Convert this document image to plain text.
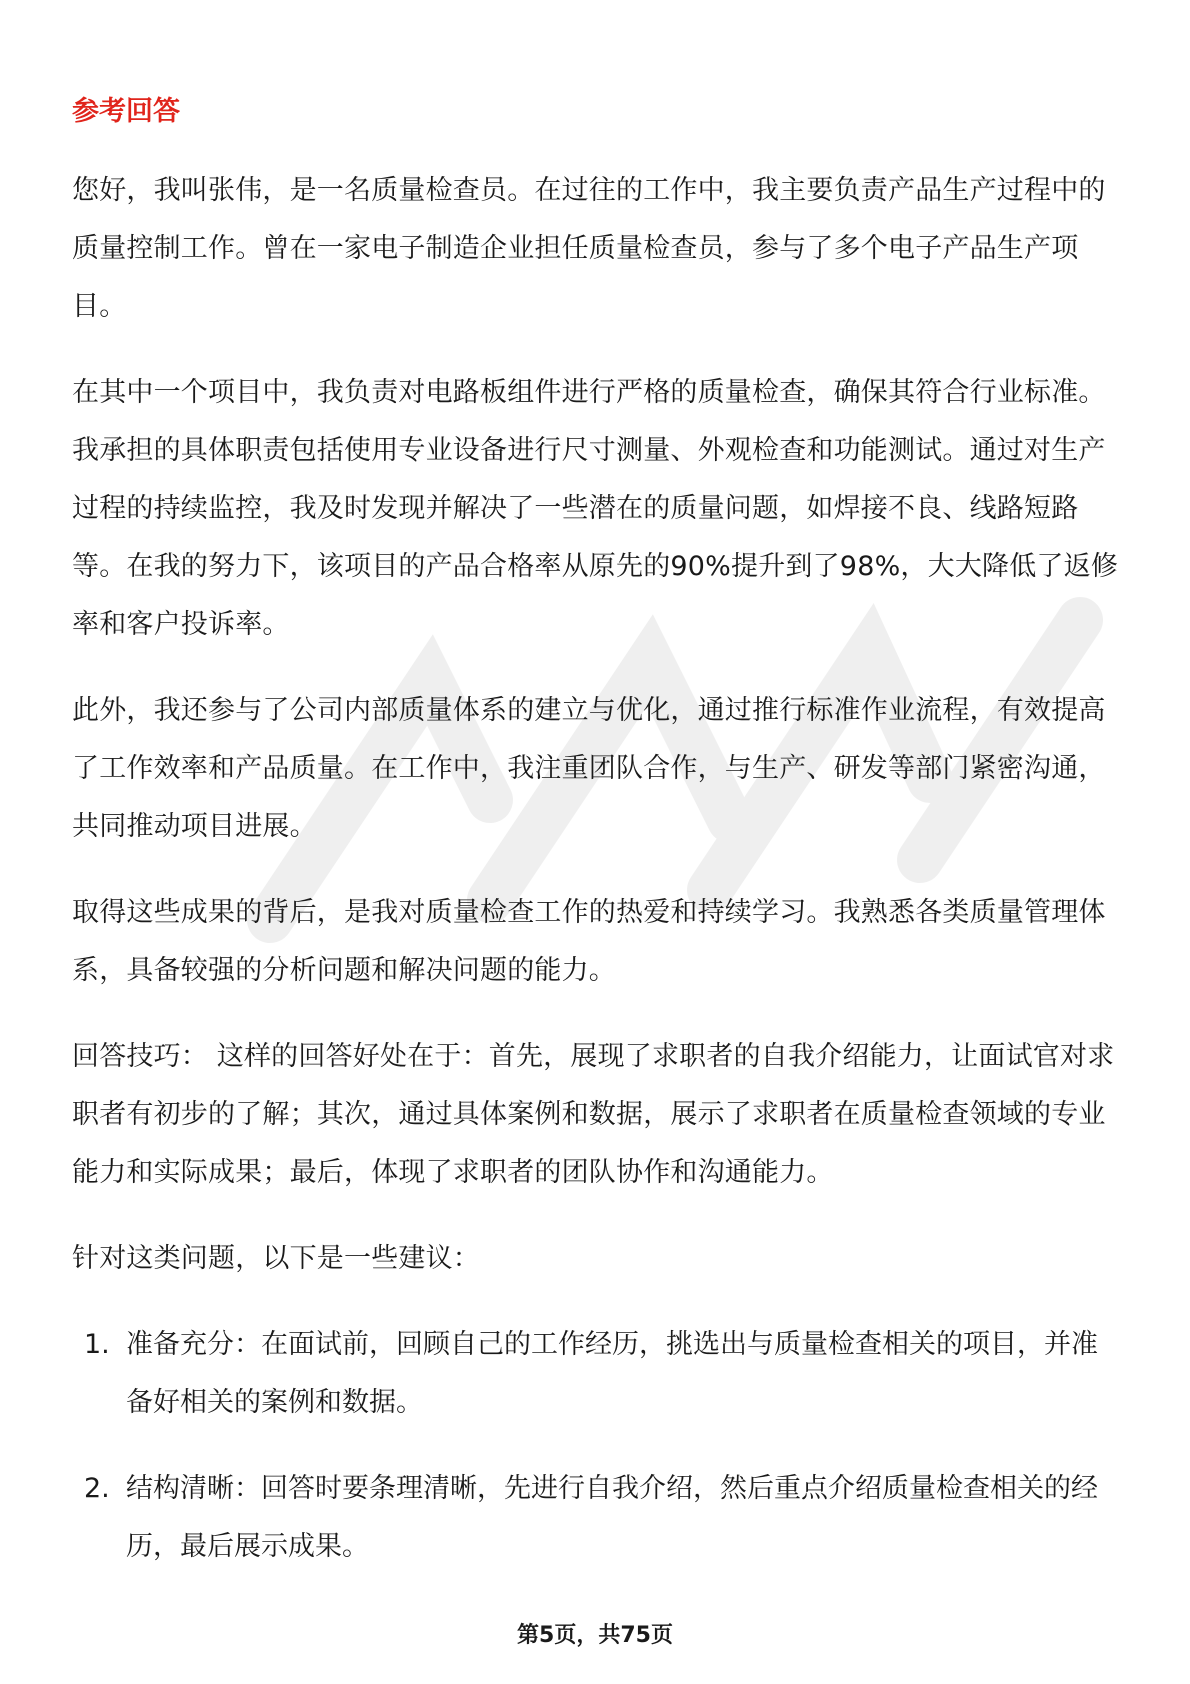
参考回答

您好，我叫张伟，是一名质量检查员。在过往的工作中，我主要负责产品生产过程中的质量控制工作。曾在一家电子制造企业担任质量检查员，参与了多个电子产品生产项目。

在其中一个项目中，我负责对电路板组件进行严格的质量检查，确保其符合行业标准。我承担的具体职责包括使用专业设备进行尺寸测量、外观检查和功能测试。通过对生产过程的持续监控，我及时发现并解决了一些潜在的质量问题，如焊接不良、线路短路等。在我的努力下，该项目的产品合格率从原先的90%提升到了98%，大大降低了返修率和客户投诉率。

此外，我还参与了公司内部质量体系的建立与优化，通过推行标准作业流程，有效提高了工作效率和产品质量。在工作中，我注重团队合作，与生产、研发等部门紧密沟通，共同推动项目进展。

取得这些成果的背后，是我对质量检查工作的热爱和持续学习。我熟悉各类质量管理体系，具备较强的分析问题和解决问题的能力。

回答技巧： 这样的回答好处在于：首先，展现了求职者的自我介绍能力，让面试官对求职者有初步的了解；其次，通过具体案例和数据，展示了求职者在质量检查领域的专业能力和实际成果；最后，体现了求职者的团队协作和沟通能力。

针对这类问题，以下是一些建议：

1. 准备充分：在面试前，回顾自己的工作经历，挑选出与质量检查相关的项目，并准备好相关的案例和数据。
2. 结构清晰：回答时要条理清晰，先进行自我介绍，然后重点介绍质量检查相关的经历，最后展示成果。
第5页，共75页
